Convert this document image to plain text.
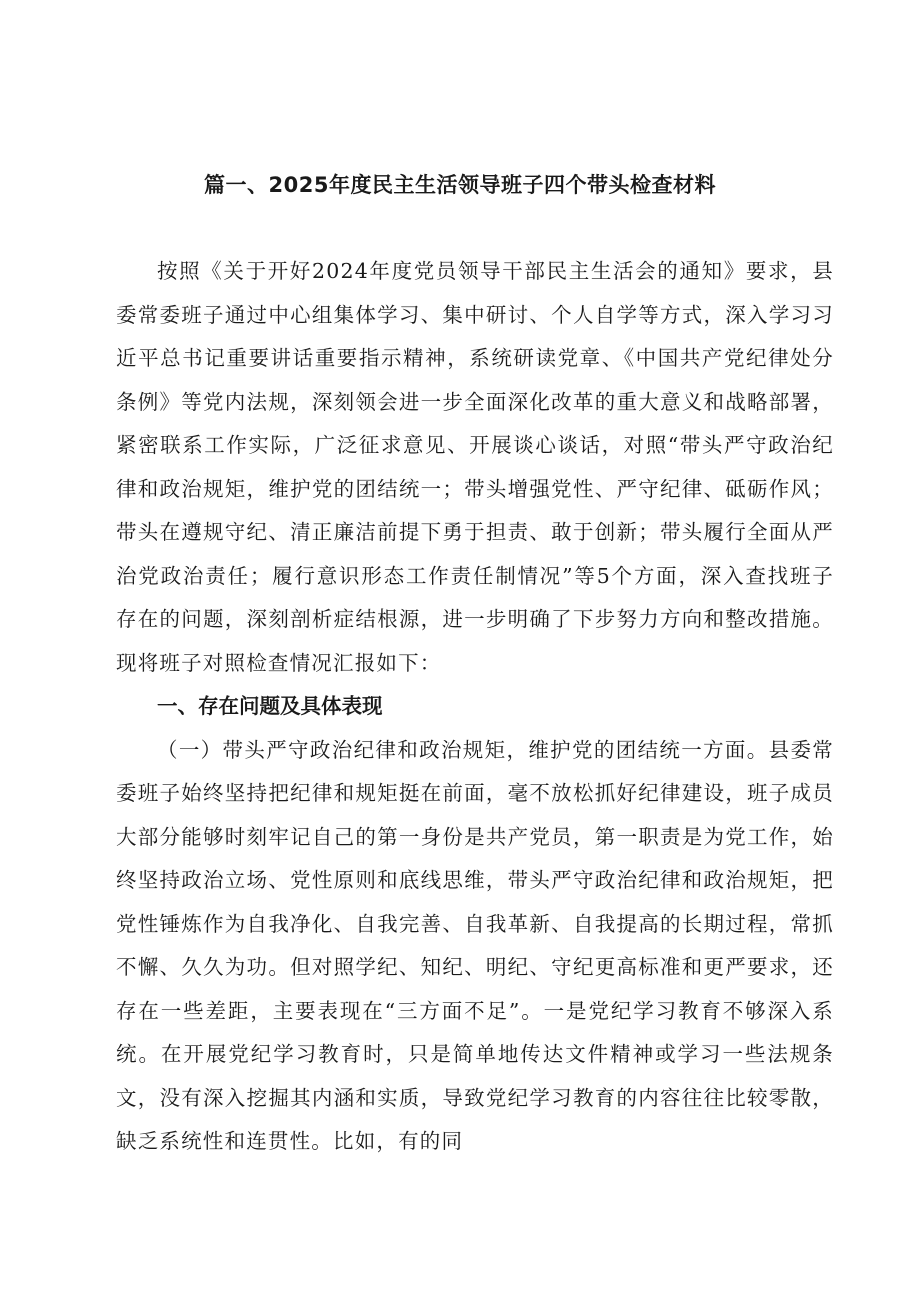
篇一、2025年度民主生活领导班子四个带头检查材料

按照《关于开好2024年度党员领导干部民主生活会的通知》要求，县委常委班子通过中心组集体学习、集中研讨、个人自学等方式，深入学习习近平总书记重要讲话重要指示精神，系统研读党章、《中国共产党纪律处分条例》等党内法规，深刻领会进一步全面深化改革的重大意义和战略部署，紧密联系工作实际，广泛征求意见、开展谈心谈话，对照“带头严守政治纪律和政治规矩，维护党的团结统一；带头增强党性、严守纪律、砥砺作风；带头在遵规守纪、清正廉洁前提下勇于担责、敢于创新；带头履行全面从严治党政治责任；履行意识形态工作责任制情况”等5个方面，深入查找班子存在的问题，深刻剖析症结根源，进一步明确了下步努力方向和整改措施。现将班子对照检查情况汇报如下：

一、存在问题及具体表现

（一）带头严守政治纪律和政治规矩，维护党的团结统一方面。县委常委班子始终坚持把纪律和规矩挺在前面，毫不放松抓好纪律建设，班子成员大部分能够时刻牢记自己的第一身份是共产党员，第一职责是为党工作，始终坚持政治立场、党性原则和底线思维，带头严守政治纪律和政治规矩，把党性锤炼作为自我净化、自我完善、自我革新、自我提高的长期过程，常抓不懈、久久为功。但对照学纪、知纪、明纪、守纪更高标准和更严要求，还存在一些差距，主要表现在“三方面不足”。一是党纪学习教育不够深入系统。在开展党纪学习教育时，只是简单地传达文件精神或学习一些法规条文，没有深入挖掘其内涵和实质，导致党纪学习教育的内容往往比较零散，缺乏系统性和连贯性。比如，有的同
